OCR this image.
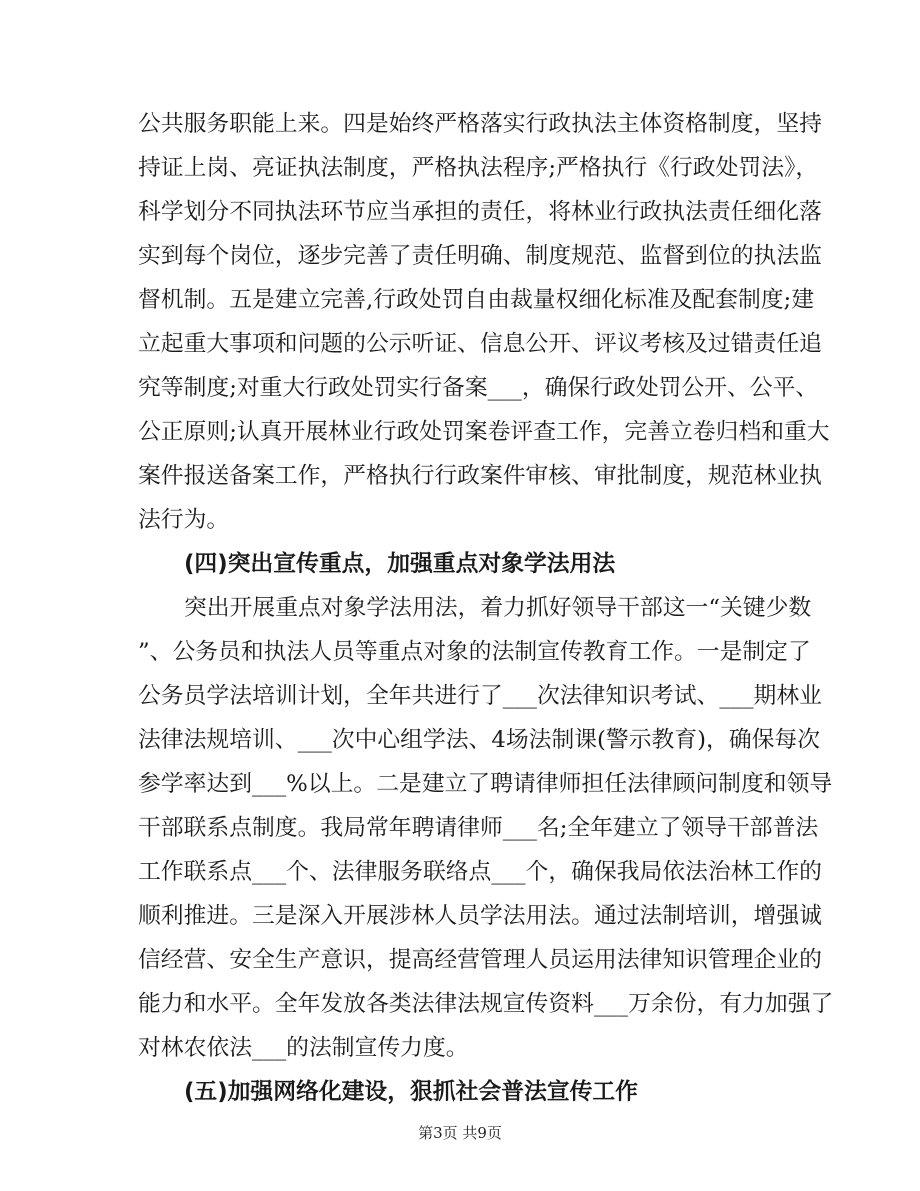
公共服务职能上来。四是始终严格落实行政执法主体资格制度，坚持
持证上岗、亮证执法制度，严格执法程序;严格执行《行政处罚法》，
科学划分不同执法环节应当承担的责任，将林业行政执法责任细化落
实到每个岗位，逐步完善了责任明确、制度规范、监督到位的执法监
督机制。五是建立完善,行政处罚自由裁量权细化标准及配套制度;建
立起重大事项和问题的公示听证、信息公开、评议考核及过错责任追
究等制度;对重大行政处罚实行备案___，确保行政处罚公开、公平、
公正原则;认真开展林业行政处罚案卷评查工作，完善立卷归档和重大
案件报送备案工作，严格执行行政案件审核、审批制度，规范林业执
法行为。
(四)突出宣传重点，加强重点对象学法用法
突出开展重点对象学法用法，着力抓好领导干部这一“关键少数
”、公务员和执法人员等重点对象的法制宣传教育工作。一是制定了
公务员学法培训计划，全年共进行了___次法律知识考试、___期林业
法律法规培训、___次中心组学法、4场法制课(警示教育)，确保每次
参学率达到___%以上。二是建立了聘请律师担任法律顾问制度和领导
干部联系点制度。我局常年聘请律师___名;全年建立了领导干部普法
工作联系点___个、法律服务联络点___个，确保我局依法治林工作的
顺利推进。三是深入开展涉林人员学法用法。通过法制培训，增强诚
信经营、安全生产意识，提高经营管理人员运用法律知识管理企业的
能力和水平。全年发放各类法律法规宣传资料___万余份，有力加强了
对林农依法___的法制宣传力度。
(五)加强网络化建设，狠抓社会普法宣传工作
第3页 共9页
